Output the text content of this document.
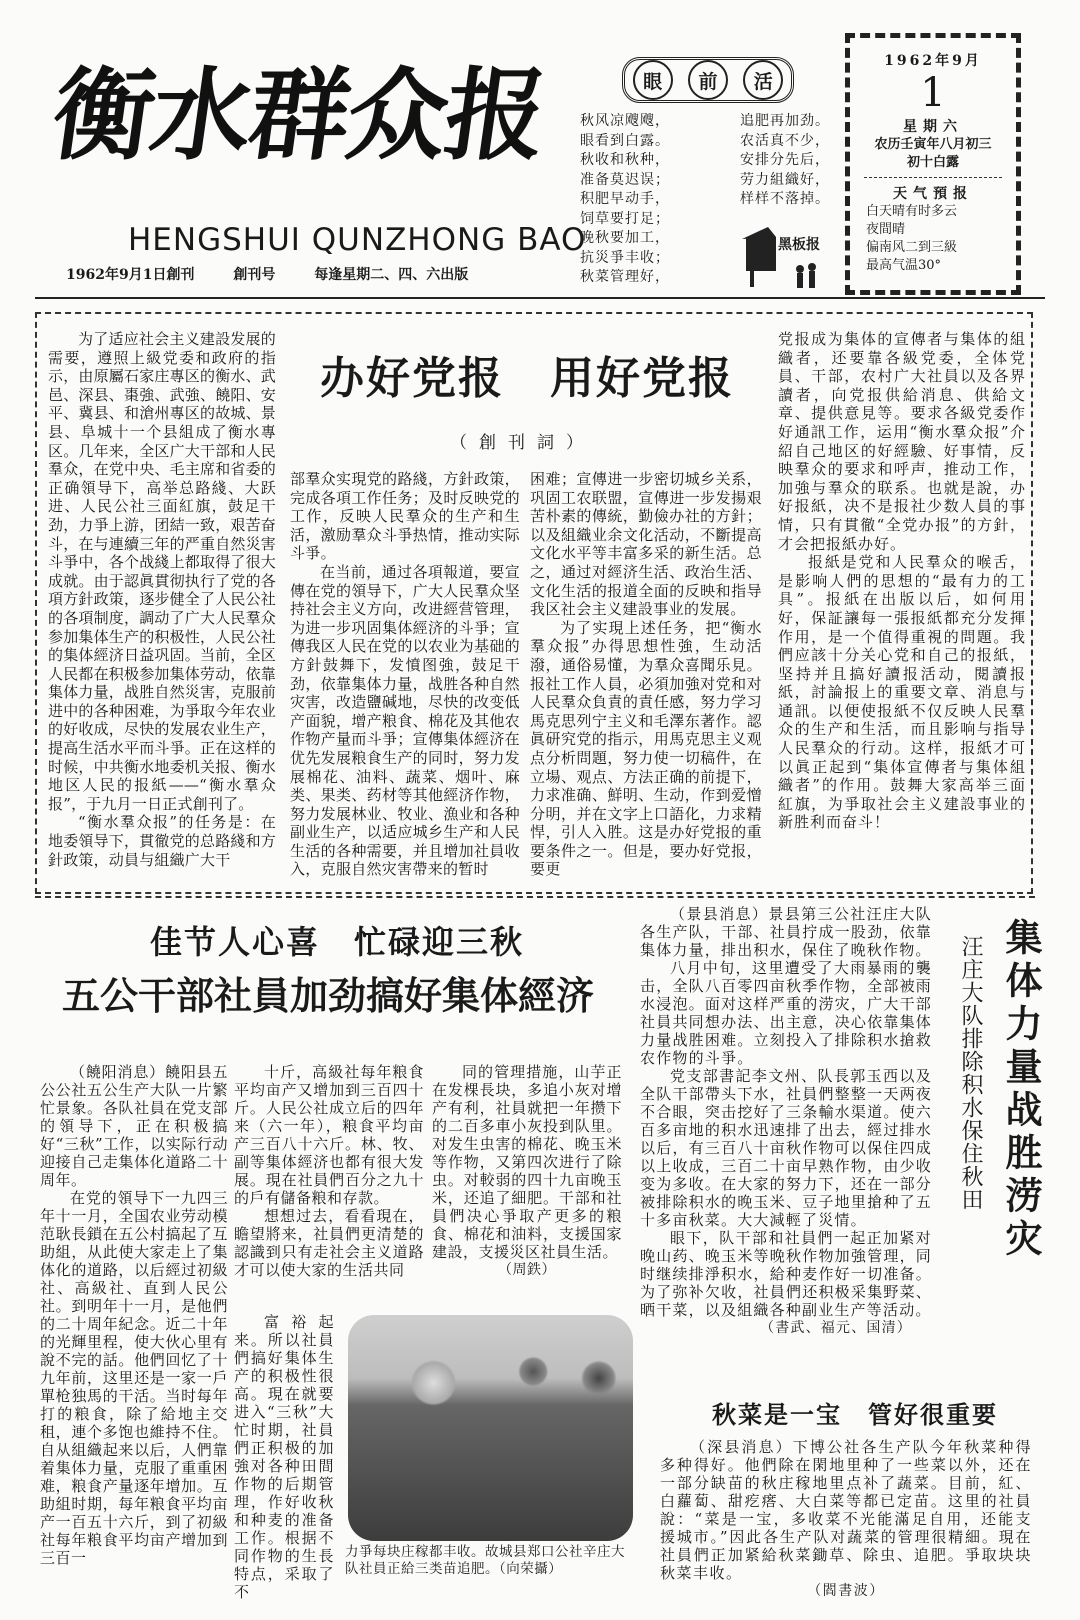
衡水群众报
HENGSHUI QUNZHONG BAO
1962年9月1日創刊	創刊号	每逢星期二、四、六出版
眼	前	活
秋风凉飕飕，
眼看到白露。
秋收和秋种，
准备莫迟误；
积肥早动手，
饲草要打足；
晚秋要加工，
抗災爭丰收；
秋菜管理好，
追肥再加劲。
农活真不少，
安排分先后，
劳力組織好，
样样不落掉。
黑板报
1962年9月
1
星期六
农历壬寅年八月初三
初十白露
天气預报
白天晴有时多云
夜間晴
偏南风二到三級
最高气温30°
办好党报　用好党报
（創刊詞）

为了适应社会主义建設发展的需要，遵照上級党委和政府的指示，由原屬石家庄專区的衡水、武邑、深县、棗強、武強、饒阳、安平、冀县、和滄州專区的故城、景县、阜城十一个县組成了衡水專区。几年来，全区广大干部和人民羣众，在党中央、毛主席和省委的正确領导下，高举总路綫、大跃进、人民公社三面紅旗，鼓足干劲，力爭上游，团結一致，艰苦奋斗，在与連續三年的严重自然災害斗爭中，各个战綫上都取得了很大成就。由于認眞貫彻执行了党的各項方針政策，逐步健全了人民公社的各項制度，調动了广大人民羣众参加集体生产的积极性，人民公社的集体經济日益巩固。当前，全区人民都在积极参加集体劳动，依靠集体力量，战胜自然災害，克服前进中的各种困难，为爭取今年农业的好收成，尽快的发展农业生产，提高生活水平而斗爭。正在这样的时候，中共衡水地委机关报、衡水地区人民的报紙——“衡水羣众报”，于九月一日正式創刊了。

“衡水羣众报”的任务是：在地委領导下，貫徹党的总路綫和方針政策，动員与組織广大干

部羣众实現党的路綫，方針政策，完成各項工作任务；及时反映党的工作，反映人民羣众的生产和生活，激励羣众斗爭热情，推动实际斗爭。

在当前，通过各項報道，要宣傳在党的領导下，广大人民羣众坚持社会主义方向，改进經营管理，为进一步巩固集体經济的斗爭；宣傳我区人民在党的以农业为基础的方針鼓舞下，发憤图強，鼓足干劲，依靠集体力量，战胜各种自然灾害，改造鹽碱地，尽快的改变低产面貌，增产粮食、棉花及其他农作物产量而斗爭；宣傳集体經济在优先发展粮食生产的同时，努力发展棉花、油料、蔬菜、烟叶、麻类、果类、药材等其他經济作物，努力发展林业、牧业、漁业和各种副业生产，以适应城乡生产和人民生活的各种需要，并且增加社員收入，克服自然灾害帶来的暂时

困难；宣傳进一步密切城乡关系，巩固工农联盟，宣傳进一步发揚艰苦朴素的傳統，勤儉办社的方針；以及組織业余文化活动，不斷提高文化水平等丰富多采的新生活。总之，通过对經济生活、政治生活、文化生活的报道全面的反映和指导我区社会主义建設事业的发展。

为了实現上述任务，把“衡水羣众报”办得思想性強，生动活潑，通俗易懂，为羣众喜聞乐見。报社工作人員，必須加強对党和对人民羣众負責的責任感，努力学习馬克思列宁主义和毛澤东著作。認眞研究党的指示，用馬克思主义观点分析問題，努力使一切稿件，在立場、观点、方法正确的前提下，力求准确、鮮明、生动，作到爱憎分明，并在文字上口語化，力求精悍，引人入胜。这是办好党报的重要条件之一。但是，要办好党报，要更

党报成为集体的宣傳者与集体的組織者，还要靠各級党委，全体党員、干部，农村广大社員以及各界讀者，向党报供給消息、供給文章、提供意見等。要求各級党委作好通訊工作，运用“衡水羣众报”介紹自己地区的好經驗、好事情，反映羣众的要求和呼声，推动工作，加強与羣众的联系。也就是說，办好报紙，决不是报社少数人員的事情，只有貫徹“全党办报”的方針，才会把报紙办好。

报紙是党和人民羣众的喉舌，是影响人們的思想的“最有力的工具”。报紙在出版以后，如何用好，保証讓每一張报紙都充分发揮作用，是一个值得重視的問題。我們应該十分关心党和自己的报紙，坚持并且搞好讀报活动，閱讀报紙，討論报上的重要文章、消息与通訊。以便使报紙不仅反映人民羣众的生产和生活，而且影响与指导人民羣众的行动。这样，报紙才可以眞正起到“集体宣傳者与集体組織者”的作用。鼓舞大家高举三面紅旗，为爭取社会主义建設事业的新胜利而奋斗！

佳节人心喜　忙碌迎三秋
五公干部社員加劲搞好集体經济

（饒阳消息）饒阳县五公公社五公生产大队一片繁忙景象。各队社員在党支部的領导下，正在积极搞好“三秋”工作，以实际行动迎接自己走集体化道路二十周年。

在党的領导下一九四三年十一月，全国农业劳动模范耿長鎖在五公村搞起了互助組，从此使大家走上了集体化的道路，以后經过初級社、高級社、直到人民公社。到明年十一月，是他們的二十周年紀念。近二十年的光輝里程，使大伙心里有說不完的話。他們回忆了十九年前，这里还是一家一戶單枪独馬的干活。当时每年打的粮食，除了給地主交租，連个多饱也維持不住。自从組織起来以后，人們靠着集体力量，克服了重重困难，粮食产量逐年增加。互助組时期，每年粮食平均亩产一百五十六斤，到了初級社每年粮食平均亩产增加到三百一

十斤，高級社每年粮食平均亩产又增加到三百四十斤。人民公社成立后的四年来（六一年），粮食平均亩产三百八十六斤。林、牧、副等集体經济也都有很大发展。現在社員們百分之九十的戶有儲备粮和存款。

想想过去，看看現在，瞻望將来，社員們更清楚的認識到只有走社会主义道路才可以使大家的生活共同

富裕起来。所以社員們搞好集体生产的积极性很高。現在就要进入“三秋”大忙时期，社員們正积极的加強对各种田間作物的后期管理，作好收秋和种麦的准备工作。根据不同作物的生長特点，采取了不

同的管理措施，山芋正在发棵長块，多追小灰对增产有利，社員就把一年攒下的二百多車小灰投到队里。对发生虫害的棉花、晚玉米等作物，又第四次进行了除虫。对較弱的四十九亩晚玉米，还追了細肥。干部和社員們决心爭取产更多的粮食、棉花和油料，支援国家建設，支援災区社員生活。

（周鉄）
力爭每块庄稼都丰收。故城县郑口公社辛庄大队社員正給三类苗追肥。（向荣攝）
集体力量战胜涝灾
汪庄大队排除积水保住秋田

（景县消息）景县第三公社汪庄大队各生产队，干部、社員拧成一股劲，依靠集体力量，排出积水，保住了晚秋作物。

八月中旬，这里遭受了大雨暴雨的襲击，全队八百零四亩秋季作物，全部被雨水浸泡。面对这样严重的涝灾，广大干部社員共同想办法、出主意，决心依靠集体力量战胜困难。立刻投入了排除积水搶救农作物的斗爭。

党支部書記李文州、队長郭玉西以及全队干部帶头下水，社員們整整一天两夜不合眼，突击挖好了三条輸水渠道。使六百多亩地的积水迅速排了出去，經过排水以后，有三百八十亩秋作物可以保住四成以上收成，三百二十亩早熟作物，由少收变为多收。在大家的努力下，还在一部分被排除积水的晚玉米、豆子地里搶种了五十多亩秋菜。大大減輕了災情。

眼下，队干部和社員們一起正加紧对晚山药、晚玉米等晚秋作物加強管理，同时继续排淨积水，給种麦作好一切准备。为了弥补欠收，社員們还积极采集野菜、晒干菜，以及組織各种副业生产等活动。

（書武、福元、国清）
秋菜是一宝　管好很重要

（深县消息）下博公社各生产队今年秋菜种得多种得好。他們除在閑地里种了一些菜以外，还在一部分缺苗的秋庄稼地里点补了蔬菜。目前，紅、白蘿蔔、甜疙瘩、大白菜等都已定苗。这里的社員說：“菜是一宝，多收菜不光能滿足自用，还能支援城市。”因此各生产队对蔬菜的管理很精細。現在社員們正加紧給秋菜鋤草、除虫、追肥。爭取块块秋菜丰收。

（閻書波）
